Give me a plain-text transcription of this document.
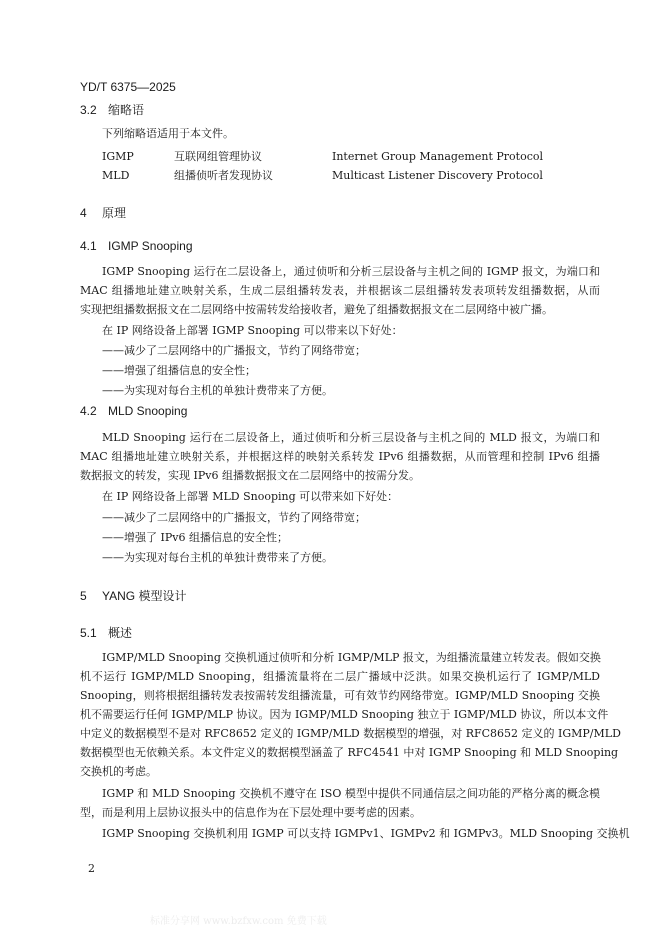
YD/T 6375—2025
3.2 缩略语
下列缩略语适用于本文件。
IGMP	互联网组管理协议	Internet Group Management Protocol
MLD	组播侦听者发现协议	Multicast Listener Discovery Protocol
4 原理
4.1 IGMP Snooping
IGMP Snooping 运行在二层设备上，通过侦听和分析三层设备与主机之间的 IGMP 报文，为端口和
MAC 组播地址建立映射关系，生成二层组播转发表，并根据该二层组播转发表项转发组播数据，从而
实现把组播数据报文在二层网络中按需转发给接收者，避免了组播数据报文在二层网络中被广播。
在 IP 网络设备上部署 IGMP Snooping 可以带来以下好处：
——减少了二层网络中的广播报文，节约了网络带宽；
——增强了组播信息的安全性；
——为实现对每台主机的单独计费带来了方便。
4.2 MLD Snooping
MLD Snooping 运行在二层设备上，通过侦听和分析三层设备与主机之间的 MLD 报文，为端口和
MAC 组播地址建立映射关系，并根据这样的映射关系转发 IPv6 组播数据，从而管理和控制 IPv6 组播
数据报文的转发，实现 IPv6 组播数据报文在二层网络中的按需分发。
在 IP 网络设备上部署 MLD Snooping 可以带来如下好处：
——减少了二层网络中的广播报文，节约了网络带宽；
——增强了 IPv6 组播信息的安全性；
——为实现对每台主机的单独计费带来了方便。
5 YANG 模型设计
5.1 概述
IGMP/MLD Snooping 交换机通过侦听和分析 IGMP/MLP 报文，为组播流量建立转发表。假如交换
机不运行 IGMP/MLD Snooping，组播流量将在二层广播域中泛洪。如果交换机运行了 IGMP/MLD
Snooping，则将根据组播转发表按需转发组播流量，可有效节约网络带宽。IGMP/MLD Snooping 交换
机不需要运行任何 IGMP/MLP 协议。因为 IGMP/MLD Snooping 独立于 IGMP/MLD 协议，所以本文件
中定义的数据模型不是对 RFC8652 定义的 IGMP/MLD 数据模型的增强，对 RFC8652 定义的 IGMP/MLD
数据模型也无依赖关系。本文件定义的数据模型涵盖了 RFC4541 中对 IGMP Snooping 和 MLD Snooping
交换机的考虑。
IGMP 和 MLD Snooping 交换机不遵守在 ISO 模型中提供不同通信层之间功能的严格分离的概念模
型，而是利用上层协议报头中的信息作为在下层处理中要考虑的因素。
IGMP Snooping 交换机利用 IGMP 可以支持 IGMPv1、IGMPv2 和 IGMPv3。MLD Snooping 交换机
2
标准分享网 www.bzfxw.com 免费下载
